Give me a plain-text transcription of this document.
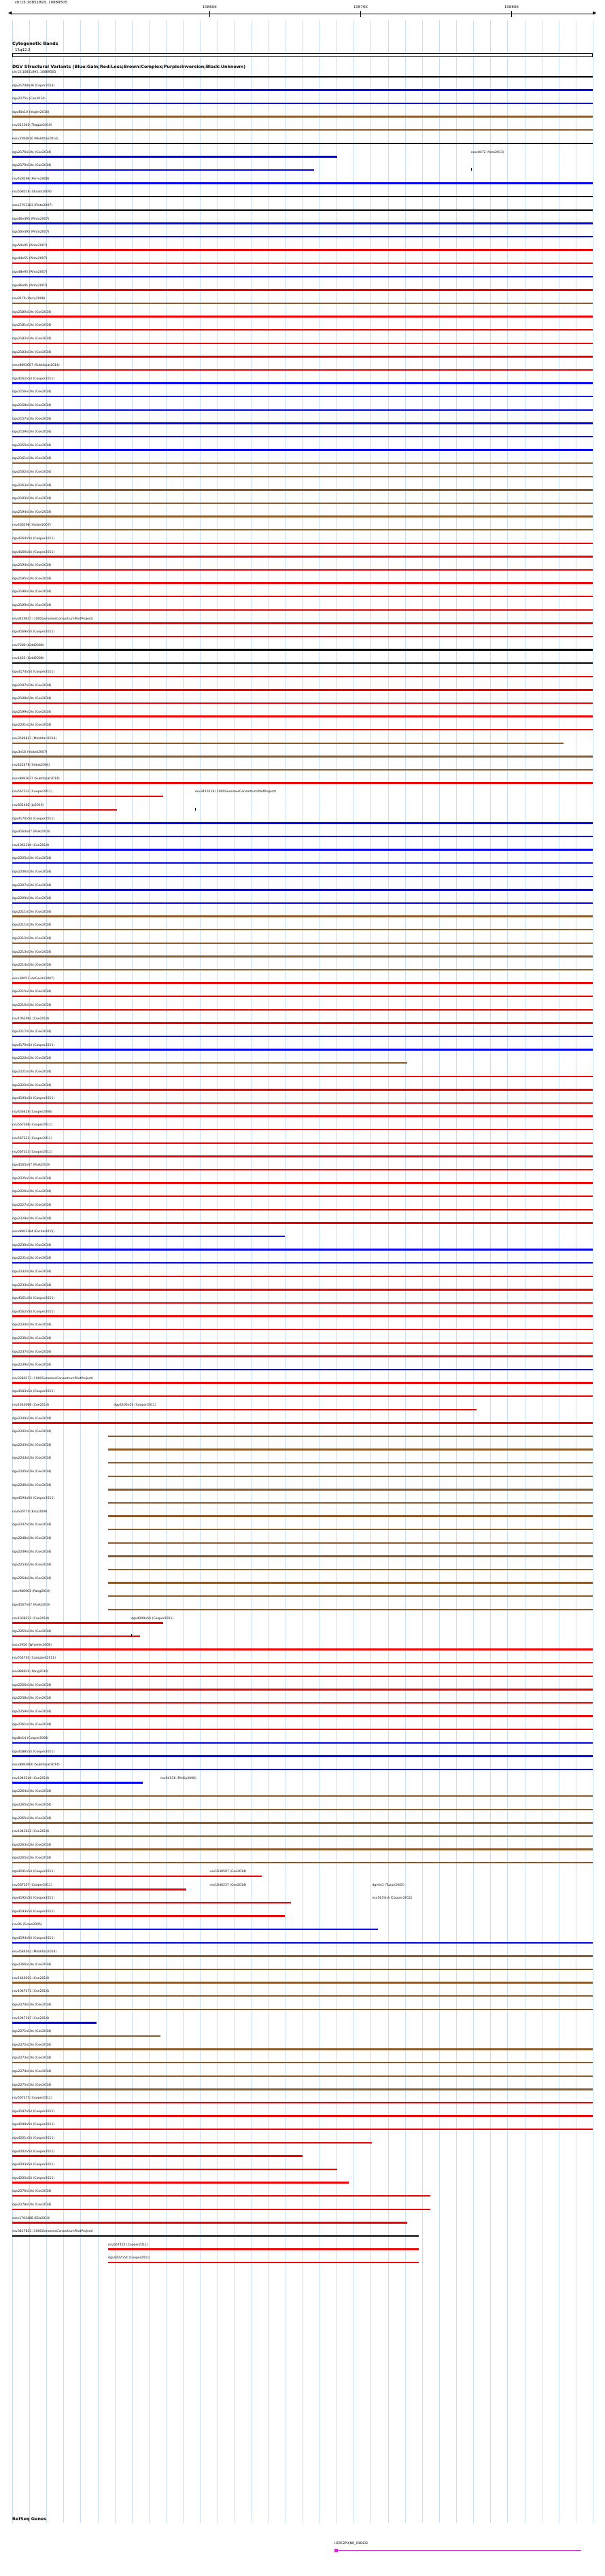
chr15:10851893..10889505
◀	▶
10860K	10870K	10880K
Cytogenetic Bands
15q12.2
DGV Structural Variants (Blue:Gain;Red:Loss;Brown:Complex;Purple:Inversion;Black:Unknown)
chr15:10851893..10889505
dgv2174dn36 (Coper2013)
dgv2275n (Coe2014)
dgv40n10 (Vogler2010)
nsv511040 (Teague2010)
essv3584810 (Mokhtari2014)
dgv2176n10n (Coe2014)	essv8472 (Vero2013)
dgv2179n10n (Coe2014)
nsv428296 (Perry2008)
nsv508518 (Shaikh2009)
essv2751383 (Pinto2007)
dgv46e495 (Pinto2007)
dgv50e495 (Pinto2007)
dgv50e95 (Pinto2007)
dgv44e55 (Pinto2007)
dgv48e95 (Pinto2007)
dgv46e95 (Pinto2007)
nsv9179 (Perry2008)
dgv2180n10n (Coe2014)
dgv2181n10n (Coe2014)
dgv2182n10n (Coe2014)
dgv2183n10n (Coe2014)
essv8892607 (Suktitipat2014)
dgv4162n54 (Cooper2011)
dgv2156n10n (Coe2014)
dgv2158n10n (Coe2014)
dgv2157n10n (Coe2014)
dgv2159n10n (Coe2014)
dgv2155n10n (Coe2014)
dgv2161n10n (Coe2014)
dgv2162n10n (Coe2014)
dgv2163n10n (Coe2014)
dgv2193n10n (Coe2014)
dgv2194n10n (Coe2014)
nsv436198 (Vorbel2007)
dgv4164n54 (Cooper2011)
dgv4166n54 (Cooper2011)
dgv2194n10n (Coe2014)
dgv2195n10n (Coe2014)
dgv2196n10n (Coe2014)
dgv2199n10n (Coe2014)
esv3429037 (1000GenomesConsortiumPilotProject)
dgv4169n54 (Cooper2011)
nsv7280 (Kidd2008)
nsv1452 (Kidd2008)
dgv4174n54 (Cooper2011)
dgv2197n10n (Coe2014)
dgv2198n10n (Coe2014)
dgv2199n10n (Coe2014)
dgv2201n10n (Coe2014)
esv3584821 (Mokhtari2014)
dgv3n16 (Vorbel2007)
nsv422478 (Sebat2004)
essv8892637 (Suktitipat2014)
nsv567231 (Cooper2011)	esv3410119 (1000GenomesConsortiumPilotProject)
nsv831482 (Jo2010)
dgv4170n54 (Cooper2011)
dgv4164n47 (Park2010)
nsv1061204 (Coe2014)
dgv2205n10n (Coe2014)
dgv2206n10n (Coe2014)
dgv2207n10n (Coe2014)
dgv2209n10n (Coe2014)
dgv2211n10n (Coe2014)
dgv2211n10n (Coe2014)
dgv2212n10n (Coe2014)
dgv2213n10n (Coe2014)
dgv2214n10n (Coe2014)
essv30051 (deGeichi2007)
dgv2215n10n (Coe2014)
dgv2216n10n (Coe2014)
nsv1062962 (Coe2014)
dgv2217n10n (Coe2014)
dgv4179n54 (Cooper2011)
dgv2220n10n (Coe2014)
dgv2221n10n (Coe2014)
dgv2222n10n (Coe2014)
dgv4193n54 (Cooper2011)
nsv433426 (Cooper2008)
nsv567308 (Cooper2011)
nsv567312 (Cooper2011)
nsv567313 (Cooper2011)
dgv4165n47 (Park2010)
dgv2225n10n (Coe2014)
dgv2226n10n (Coe2014)
dgv2227n10n (Coe2014)
dgv2228n10n (Coe2014)
essv9003184 (Fachal2015)
dgv2230n10n (Coe2014)
dgv2231n10n (Coe2014)
dgv2232n10n (Coe2014)
dgv2233n10n (Coe2014)
dgv4161n54 (Cooper2011)
dgv4162n54 (Cooper2011)
dgv2234n10n (Coe2014)
dgv2236n10n (Coe2014)
dgv2237n10n (Coe2014)
dgv2239n10n (Coe2014)
esv3380173 (1000GenomesConsortiumPilotProject)
dgv4183n54 (Cooper2011)
nsv1440066 (Coe2014)	dgv4206n54 (Cooper2011)
dgv2240n10n (Coe2014)
dgv2242n10n (Coe2014)
dgv2243n10n (Coe2014)
dgv2244n10n (Coe2014)
dgv2245n10n (Coe2014)
dgv2246n10n (Coe2014)
dgv4194n54 (Cooper2011)
nsv630770 (Kria2009)
dgv2247n10n (Coe2014)
dgv2248n10n (Coe2014)
dgv2249n10n (Coe2014)
dgv2253n10n (Coe2014)
dgv2254n10n (Coe2014)
essv986961 (Pang2010)
dgv4167n47 (Park2010)
nsv1038221 (Coe2014)	dgv4209n54 (Cooper2011)
dgv2255n10n (Coe2014)
essv2956 (Wheeler2008)
nsv554762 (Campbell2011)
esv988919 (Pang2010)
dgv2256n10n (Coe2014)
dgv2258n10n (Coe2014)
dgv2259n10n (Coe2014)
dgv2261n10n (Coe2014)
dgv8n14 (Cooper2008)
dgv4188n54 (Cooper2011)
essv8892800 (Suktitipat2014)
nsv1045240 (Coe2014)	nsv94536 (Phillip2006)
dgv2264n10n (Coe2014)
dgv2265n10n (Coe2014)
dgv2265n10n (Coe2014)
nsv1043612 (Coe2014)
dgv2263n10n (Coe2014)
dgv2265n10n (Coe2014)
dgv4191n54 (Cooper2011)	nsv1638597 (Coe2014)
nsv567357 (Cooper2011)	nsv1046237 (Coe2014)	dgv4n1 (Tuzun2005)
dgv4192n54 (Cooper2011)	nsv5674n4 (Cooper2011)
dgv4193n54 (Cooper2011)
nsv96 (Tuzun2005)
dgv4194n54 (Cooper2011)
esv3584042 (Mokhtari2014)
dgv2266n10n (Coe2014)
nsv1446023 (Coe2014)
nsv1047471 (Coe2014)
dgv2274n10n (Coe2014)
nsv1047207 (Coe2014)
dgv2271n10n (Coe2014)
dgv2272n10n (Coe2014)
dgv2273n10n (Coe2014)
dgv2274n10n (Coe2014)
dgv2275n10n (Coe2014)
nsv567275 (Cooper2011)
dgv4197n54 (Cooper2011)
dgv4199n54 (Cooper2011)
dgv4201n54 (Cooper2011)
dgv4202n54 (Cooper2011)
dgv4203n54 (Cooper2011)
dgv4205n54 (Cooper2011)
dgv2276n10n (Coe2014)
dgv2278n10n (Coe2014)
essv1702488 (Elia2010)
esv3417833 (1000GenomesConsortiumPilotProject)
nsv567455 (Cooper2011)
dgv4207n54 (Cooper2011)
RefSeq Genes
HERC2P3|NR_036432
